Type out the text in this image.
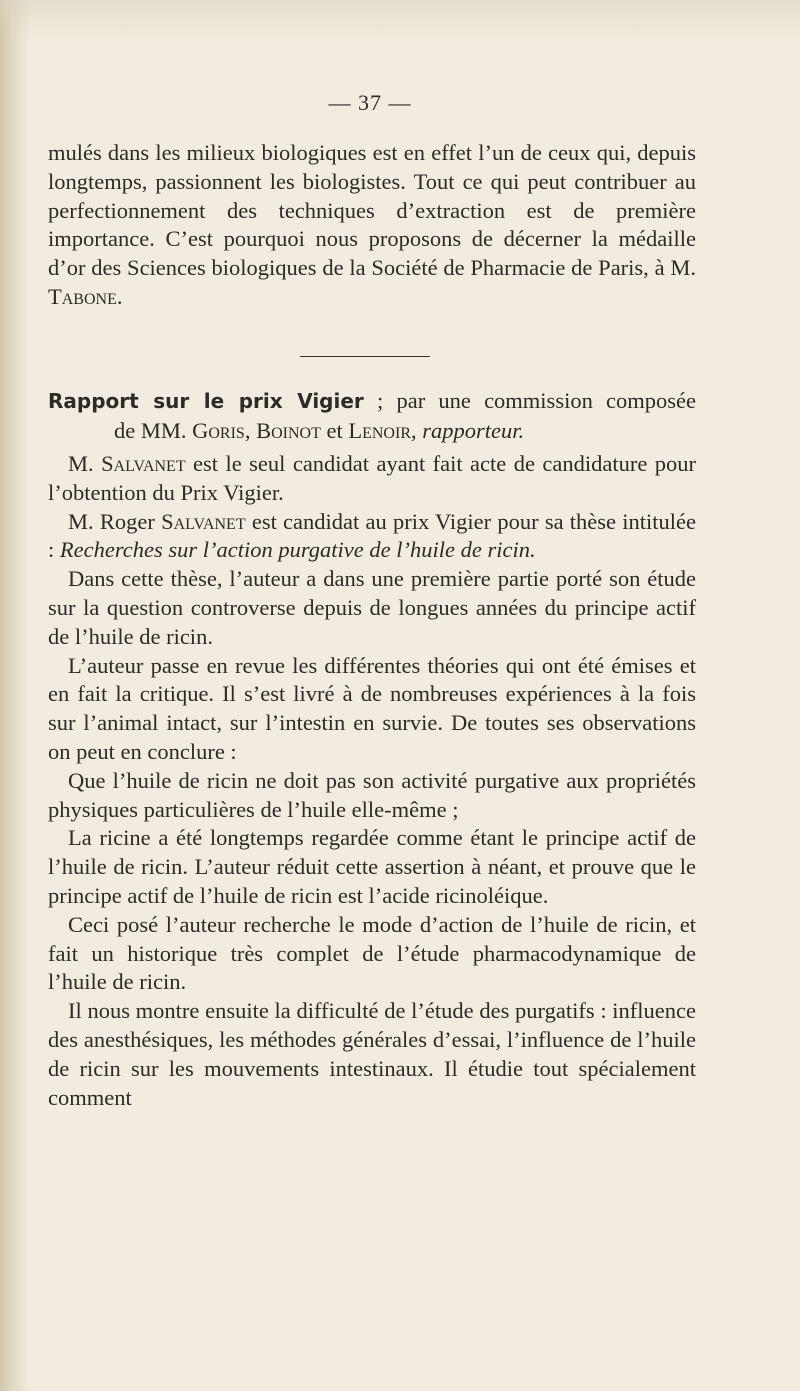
— 37 —

mulés dans les milieux biologiques est en effet l’un de ceux qui, depuis longtemps, passionnent les biologistes. Tout ce qui peut contribuer au perfectionnement des techniques d’extraction est de première importance. C’est pourquoi nous proposons de décerner la médaille d’or des Sciences biologiques de la Société de Pharmacie de Paris, à M. Tabone.

Rapport sur le prix Vigier ; par une commission composée
de MM. Goris, Boinot et Lenoir, rapporteur.

M. Salvanet est le seul candidat ayant fait acte de candidature pour l’obtention du Prix Vigier.

M. Roger Salvanet est candidat au prix Vigier pour sa thèse intitulée : Recherches sur l’action purgative de l’huile de ricin.

Dans cette thèse, l’auteur a dans une première partie porté son étude sur la question controverse depuis de longues années du principe actif de l’huile de ricin.

L’auteur passe en revue les différentes théories qui ont été émises et en fait la critique. Il s’est livré à de nombreuses expériences à la fois sur l’animal intact, sur l’intestin en survie. De toutes ses observations on peut en conclure :

Que l’huile de ricin ne doit pas son activité purgative aux propriétés physiques particulières de l’huile elle-même ;

La ricine a été longtemps regardée comme étant le principe actif de l’huile de ricin. L’auteur réduit cette assertion à néant, et prouve que le principe actif de l’huile de ricin est l’acide ricinoléique.

Ceci posé l’auteur recherche le mode d’action de l’huile de ricin, et fait un historique très complet de l’étude pharmacodynamique de l’huile de ricin.

Il nous montre ensuite la difficulté de l’étude des purgatifs : influence des anesthésiques, les méthodes générales d’essai, l’influence de l’huile de ricin sur les mouvements intestinaux. Il étudie tout spécialement comment
